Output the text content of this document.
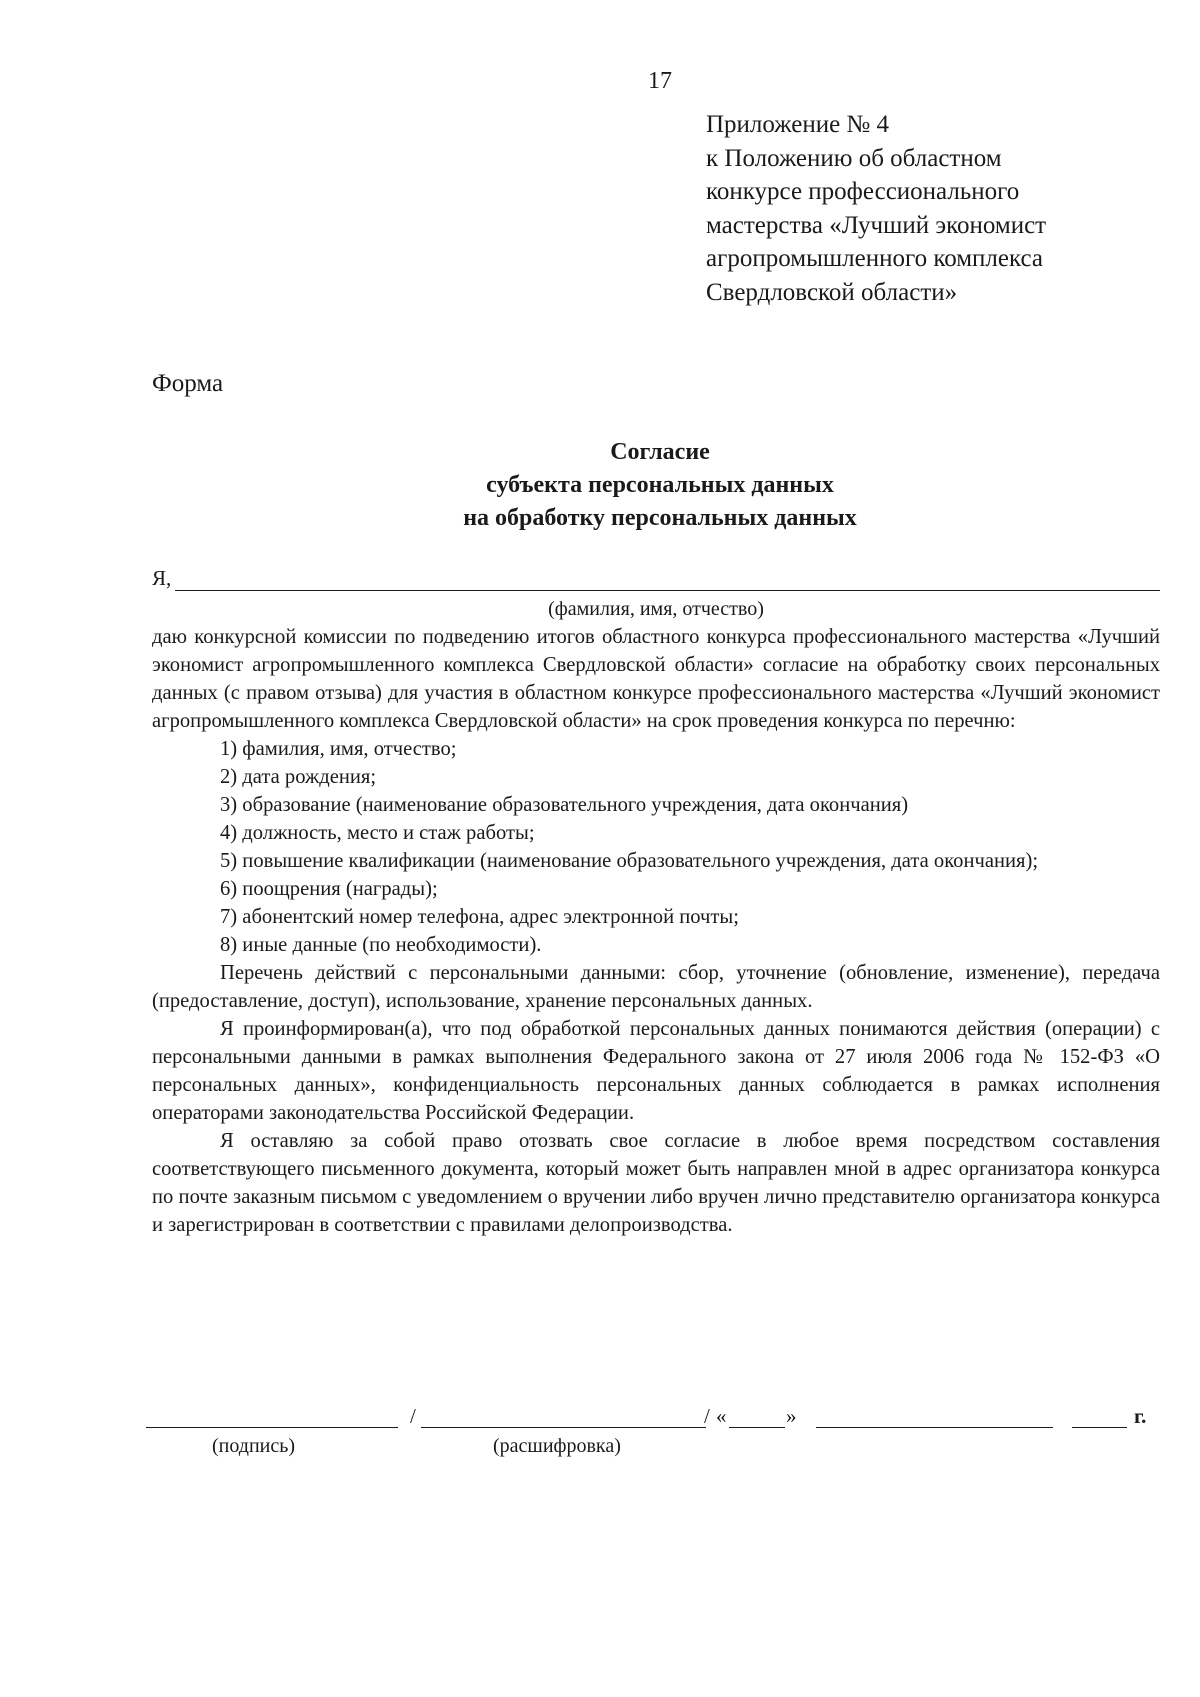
17
Приложение № 4
к Положению об областном
конкурсе профессионального
мастерства «Лучший экономист
агропромышленного комплекса
Свердловской области»
Форма
Согласие
субъекта персональных данных
на обработку персональных данных
Я,
(фамилия, имя, отчество)

даю конкурсной комиссии по подведению итогов областного конкурса профессионального мастерства «Лучший экономист агропромышленного комплекса Свердловской области» согласие на обработку своих персональных данных (с правом отзыва) для участия в областном конкурсе профессионального мастерства «Лучший экономист агропромышленного комплекса Свердловской области» на срок проведения конкурса по перечню:

1) фамилия, имя, отчество;

2) дата рождения;

3) образование (наименование образовательного учреждения, дата окончания)

4) должность, место и стаж работы;

5) повышение квалификации (наименование образовательного учреждения, дата окончания);

6) поощрения (награды);

7) абонентский номер телефона, адрес электронной почты;

8) иные данные (по необходимости).

Перечень действий с персональными данными: сбор, уточнение (обновление, изменение), передача (предоставление, доступ), использование, хранение персональных данных.

Я проинформирован(а), что под обработкой персональных данных понимаются действия (операции) с персональными данными в рамках выполнения Федерального закона от 27 июля 2006 года № 152-ФЗ «О персональных данных», конфиденциальность персональных данных соблюдается в рамках исполнения операторами законодательства Российской Федерации.

Я оставляю за собой право отозвать свое согласие в любое время посредством составления соответствующего письменного документа, который может быть направлен мной в адрес организатора конкурса по почте заказным письмом с уведомлением о вручении либо вручен лично представителю организатора конкурса и зарегистрирован в соответствии с правилами делопроизводства.

/	/ «	»	г.
(подпись)	(расшифровка)
